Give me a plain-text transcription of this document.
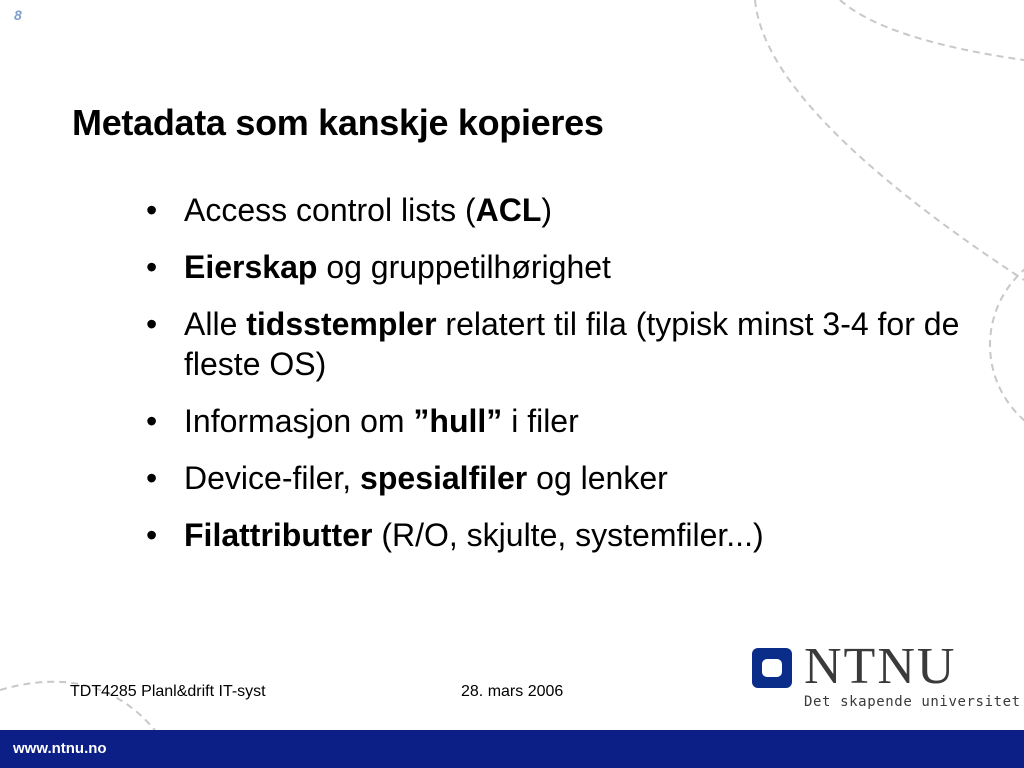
8
Metadata som kanskje kopieres
• Access control lists (ACL)
• Eierskap og gruppetilhørighet
• Alle tidsstempler relatert til fila (typisk minst 3-4 for de fleste OS)
• Informasjon om ”hull” i filer
• Device-filer, spesialfiler og lenker
• Filattributter (R/O, skjulte, systemfiler...)
TDT4285 Planl&drift IT-syst	28. mars 2006	NTNU
Det skapende universitet
www.ntnu.no
